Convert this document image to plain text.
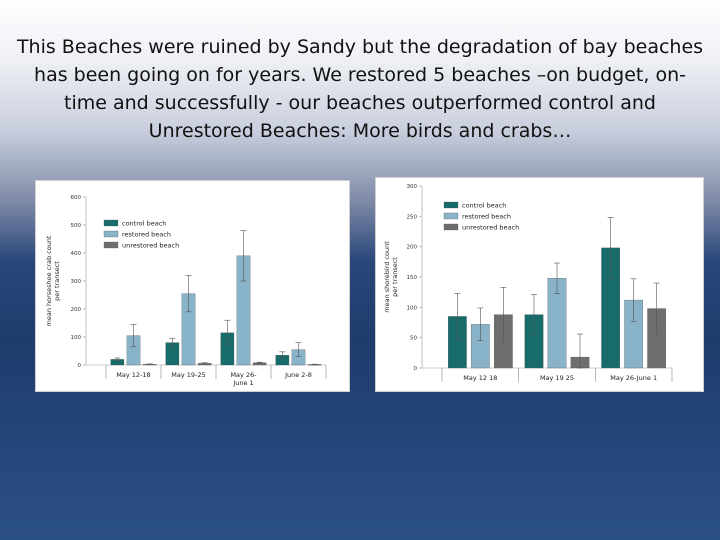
This Beaches were ruined by Sandy but the degradation of bay beaches
has been going on for years. We restored 5 beaches –on budget, on-
time and successfully - our beaches outperformed control and
Unrestored Beaches: More birds and crabs…
0
100
200
300
400
500
600
mean horseshoe crab countper transect
May 12-18	May 19-25	May 26-June 1
June 2-8
control beach
restored beach
unrestored beach
0
50
100
150
200
250
300
mean shorebird countper transect
May 12 18	May 19 25	May 26-June 1
control beach
restored beach
unrestored beach
